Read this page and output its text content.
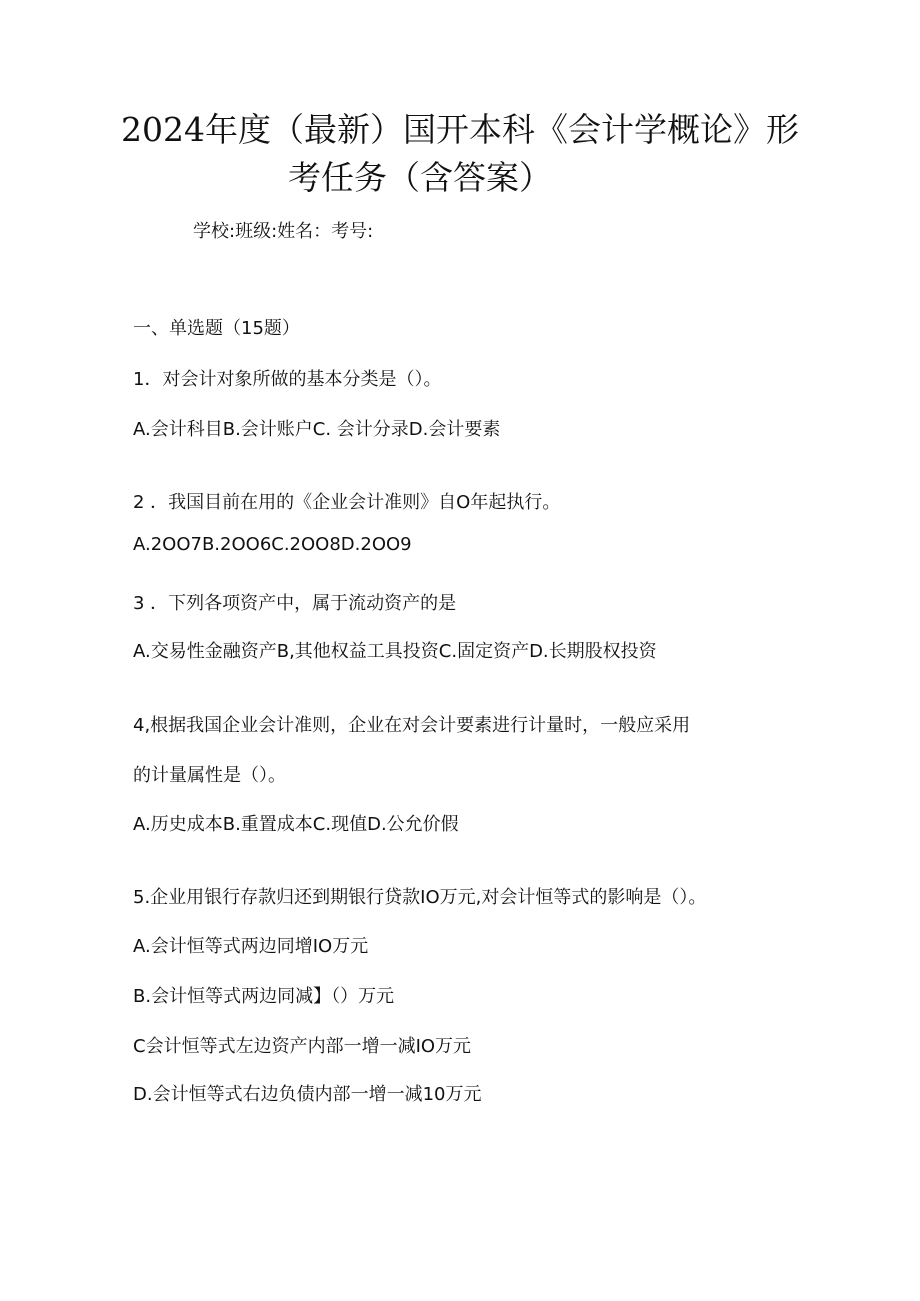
2024年度（最新）国开本科《会计学概论》形
考任务（含答案）
学校:班级:姓名：考号:
一、单选题（15题）
1．对会计对象所做的基本分类是（）。
A.会计科目B.会计账户C. 会计分录D.会计要素
2 ．我国目前在用的《企业会计准则》自O年起执行。
A.2OO7B.2OO6C.2OO8D.2OO9
3 ．下列各项资产中，属于流动资产的是
A.交易性金融资产B,其他权益工具投资C.固定资产D.长期股权投资
4,根据我国企业会计准则，企业在对会计要素进行计量时，一般应采用
的计量属性是（）。
A.历史成本B.重置成本C.现值D.公允价假
5.企业用银行存款归还到期银行贷款IO万元,对会计恒等式的影响是（）。
A.会计恒等式两边同增IO万元
B.会计恒等式两边同减】（）万元
C会计恒等式左边资产内部一增一减IO万元
D.会计恒等式右边负债内部一增一减10万元
